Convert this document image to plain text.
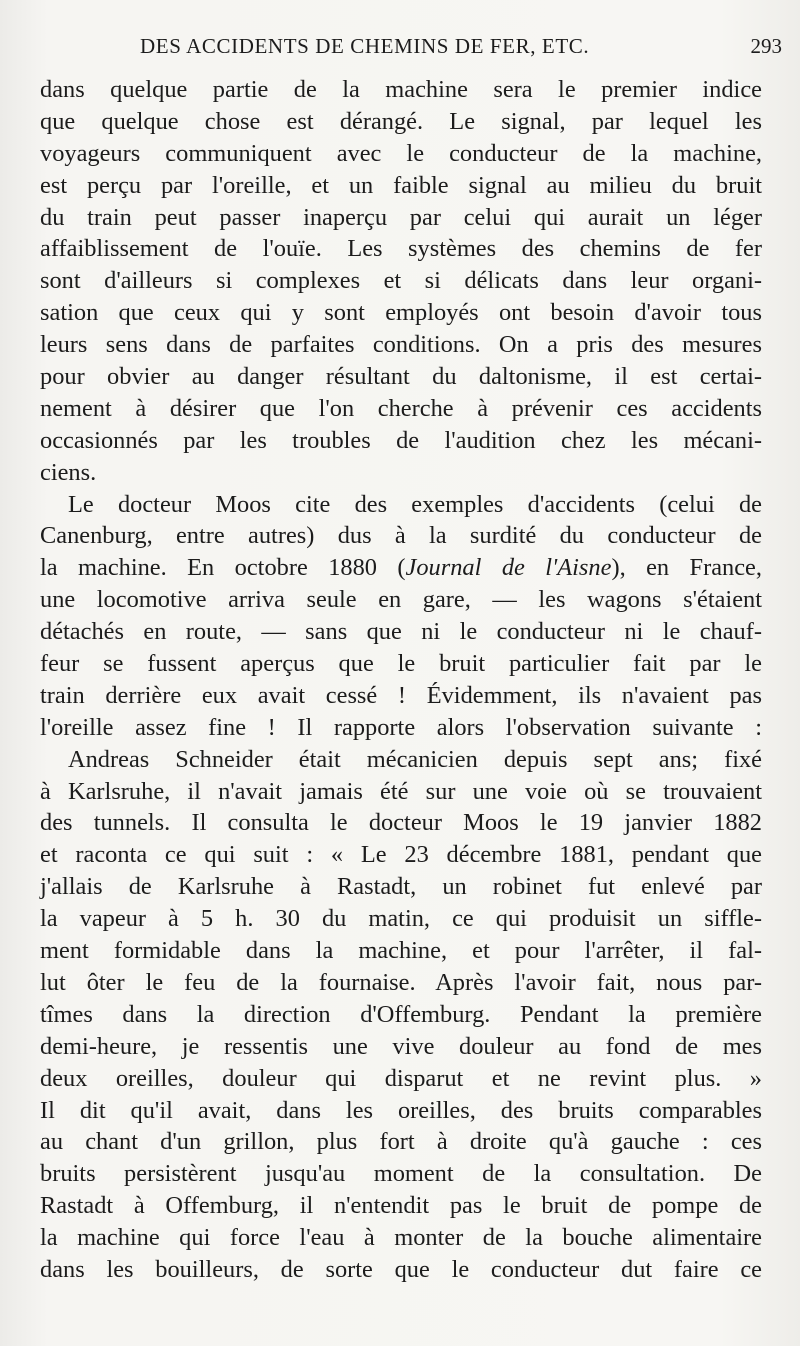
DES ACCIDENTS DE CHEMINS DE FER, ETC.	293
dans quelque partie de la machine sera le premier indice
que quelque chose est dérangé. Le signal, par lequel les
voyageurs communiquent avec le conducteur de la machine,
est perçu par l'oreille, et un faible signal au milieu du bruit
du train peut passer inaperçu par celui qui aurait un léger
affaiblissement de l'ouïe. Les systèmes des chemins de fer
sont d'ailleurs si complexes et si délicats dans leur organi-
sation que ceux qui y sont employés ont besoin d'avoir tous
leurs sens dans de parfaites conditions. On a pris des mesures
pour obvier au danger résultant du daltonisme, il est certai-
nement à désirer que l'on cherche à prévenir ces accidents
occasionnés par les troubles de l'audition chez les mécani-
ciens.
Le docteur Moos cite des exemples d'accidents (celui de
Canenburg, entre autres) dus à la surdité du conducteur de
la machine. En octobre 1880 (Journal de l'Aisne), en France,
une locomotive arriva seule en gare, — les wagons s'étaient
détachés en route, — sans que ni le conducteur ni le chauf-
feur se fussent aperçus que le bruit particulier fait par le
train derrière eux avait cessé ! Évidemment, ils n'avaient pas
l'oreille assez fine ! Il rapporte alors l'observation suivante :
Andreas Schneider était mécanicien depuis sept ans; fixé
à Karlsruhe, il n'avait jamais été sur une voie où se trouvaient
des tunnels. Il consulta le docteur Moos le 19 janvier 1882
et raconta ce qui suit : « Le 23 décembre 1881, pendant que
j'allais de Karlsruhe à Rastadt, un robinet fut enlevé par
la vapeur à 5 h. 30 du matin, ce qui produisit un siffle-
ment formidable dans la machine, et pour l'arrêter, il fal-
lut ôter le feu de la fournaise. Après l'avoir fait, nous par-
tîmes dans la direction d'Offemburg. Pendant la première
demi-heure, je ressentis une vive douleur au fond de mes
deux oreilles, douleur qui disparut et ne revint plus. »
Il dit qu'il avait, dans les oreilles, des bruits comparables
au chant d'un grillon, plus fort à droite qu'à gauche : ces
bruits persistèrent jusqu'au moment de la consultation. De
Rastadt à Offemburg, il n'entendit pas le bruit de pompe de
la machine qui force l'eau à monter de la bouche alimentaire
dans les bouilleurs, de sorte que le conducteur dut faire ce
